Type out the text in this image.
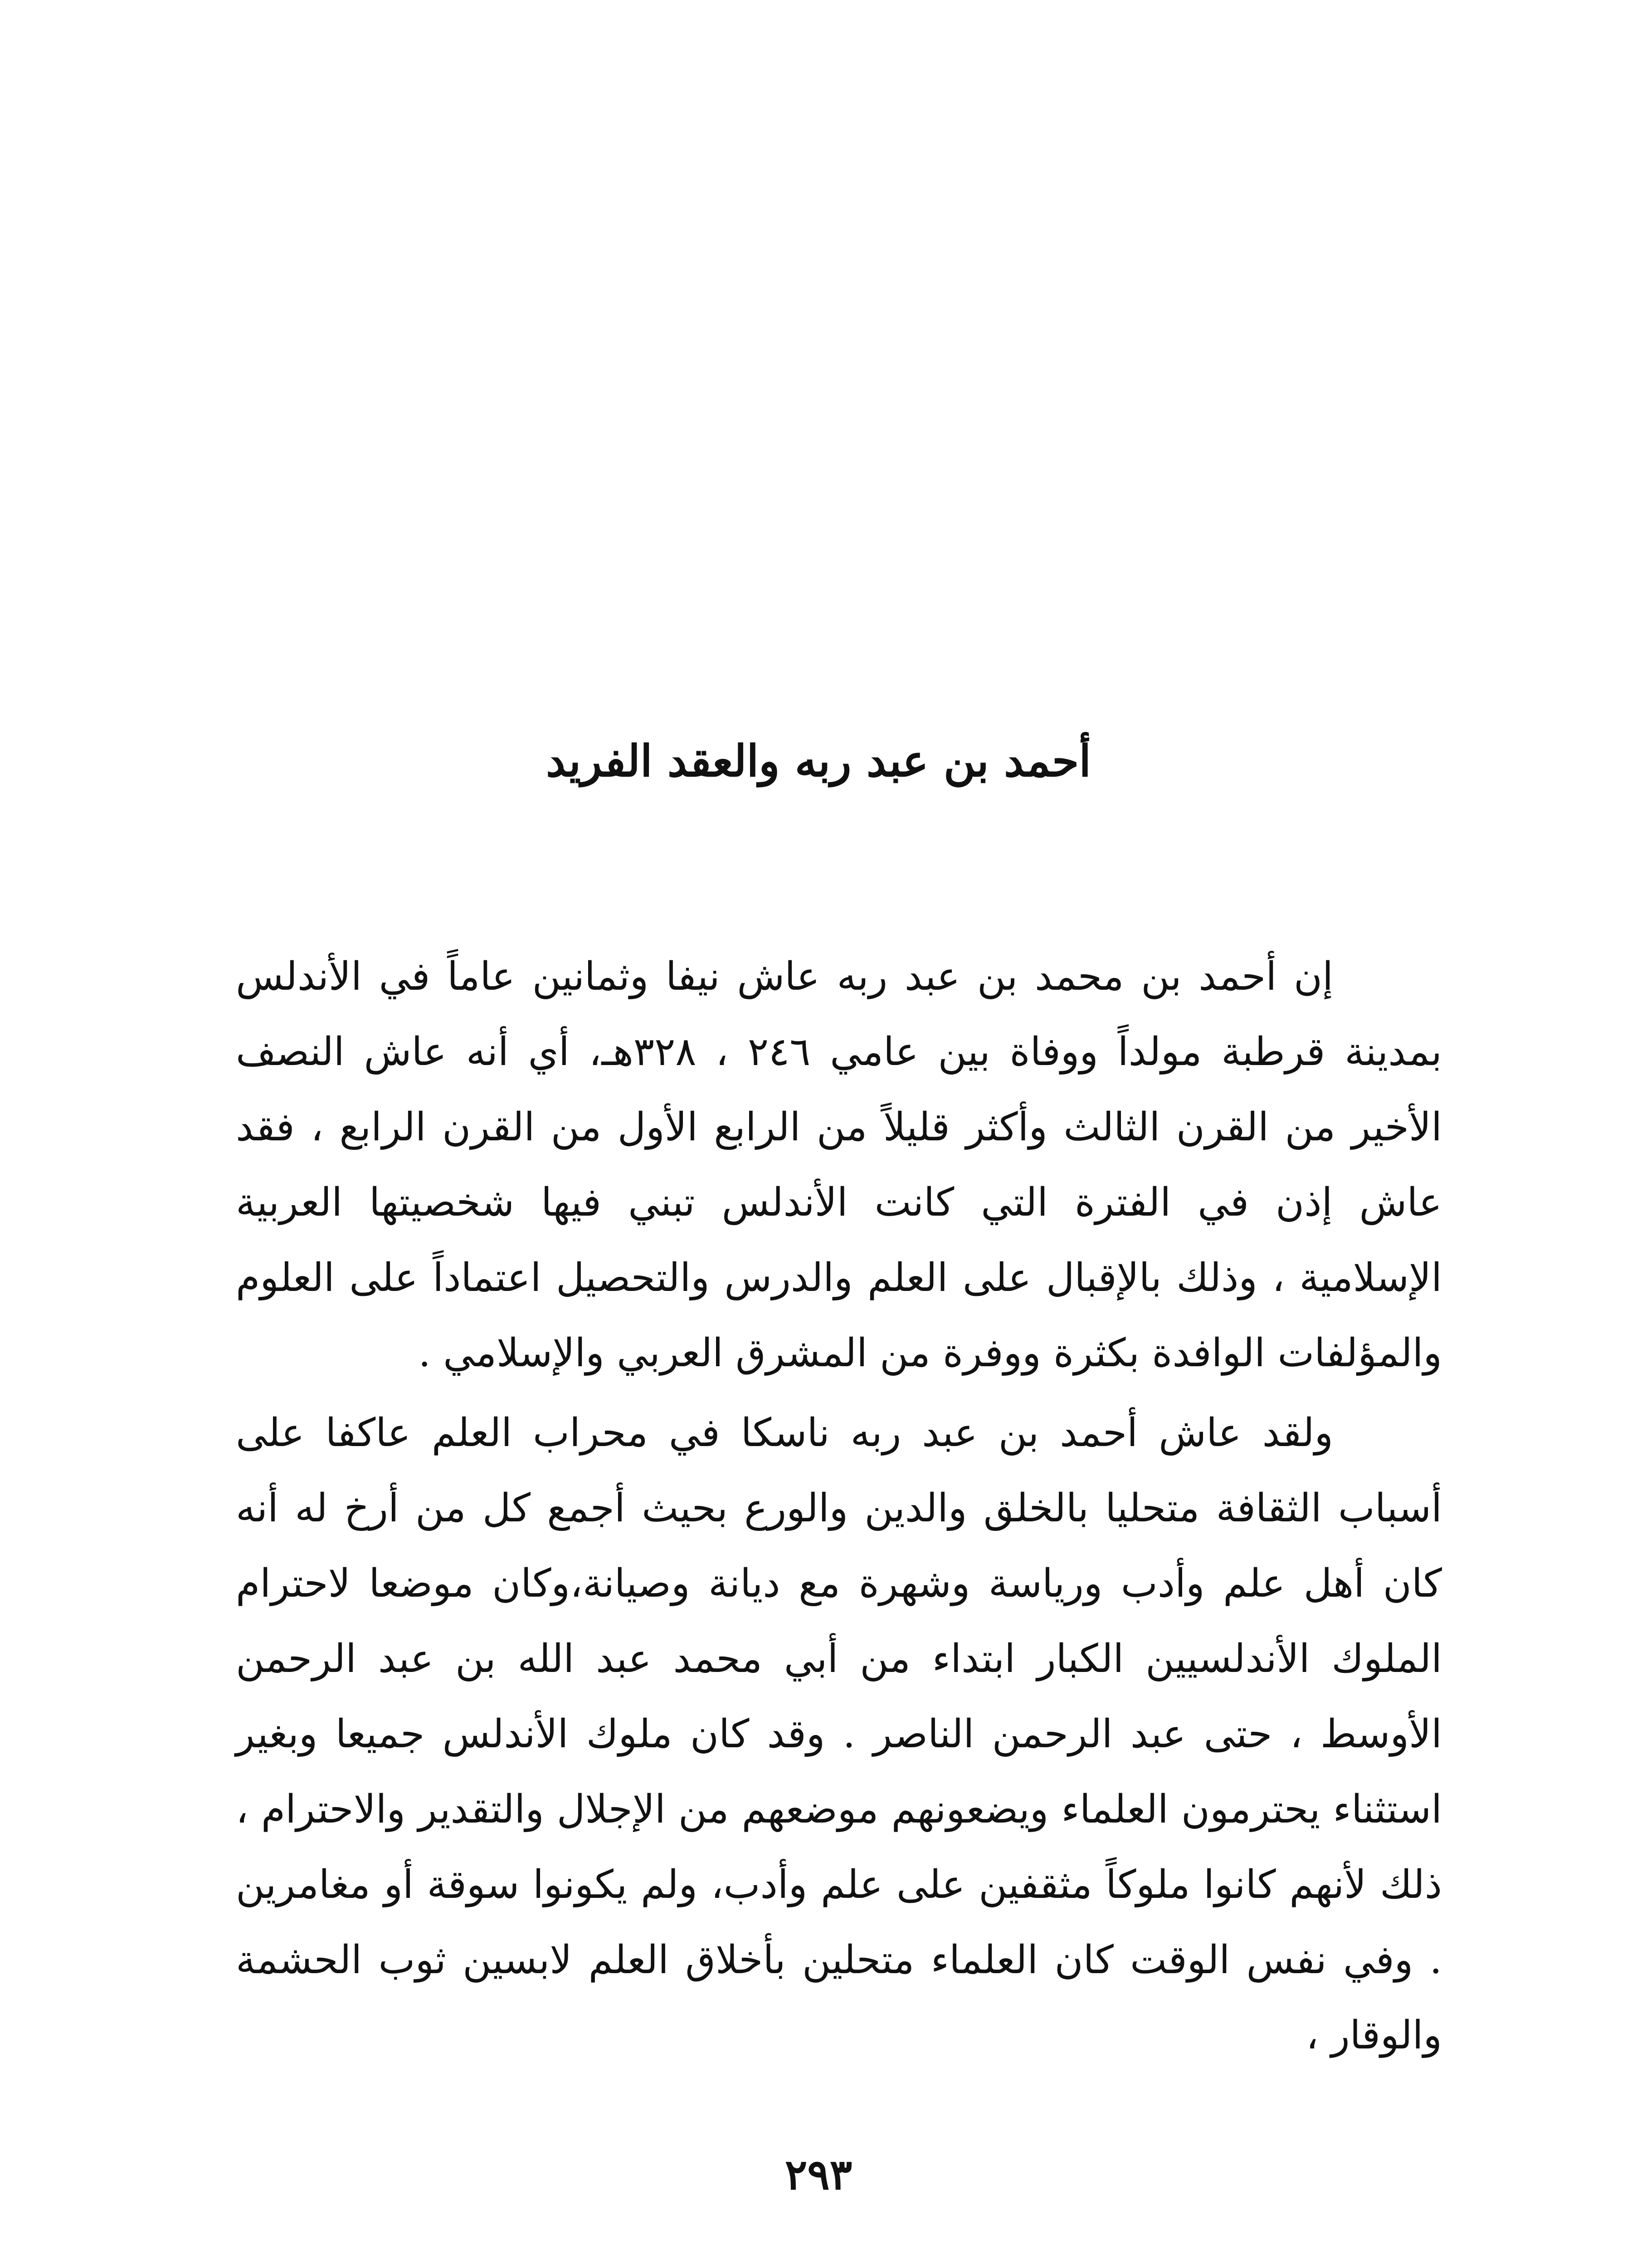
أحمد بن عبد ربه والعقد الفريد

إن أحمد بن محمد بن عبد ربه عاش نيفا وثمانين عاماً في الأندلس بمدينة قرطبة مولداً ووفاة بين عامي ٢٤٦ ، ٣٢٨هـ، أي أنه عاش النصف الأخير من القرن الثالث وأكثر قليلاً من الرابع الأول من القرن الرابع ، فقد عاش إذن في الفترة التي كانت الأندلس تبني فيها شخصيتها العربية الإسلامية ، وذلك بالإقبال على العلم والدرس والتحصيل اعتماداً على العلوم والمؤلفات الوافدة بكثرة ووفرة من المشرق العربي والإسلامي .

ولقد عاش أحمد بن عبد ربه ناسكا في محراب العلم عاكفا على أسباب الثقافة متحليا بالخلق والدين والورع بحيث أجمع كل من أرخ له أنه كان أهل علم وأدب ورياسة وشهرة مع ديانة وصيانة،وكان موضعا لاحترام الملوك الأندلسيين الكبار ابتداء من أبي محمد عبد الله بن عبد الرحمن الأوسط ، حتى عبد الرحمن الناصر . وقد كان ملوك الأندلس جميعا وبغير استثناء يحترمون العلماء ويضعونهم موضعهم من الإجلال والتقدير والاحترام ، ذلك لأنهم كانوا ملوكاً مثقفين على علم وأدب، ولم يكونوا سوقة أو مغامرين . وفي نفس الوقت كان العلماء متحلين بأخلاق العلم لابسين ثوب الحشمة والوقار ،

٢٩٣
